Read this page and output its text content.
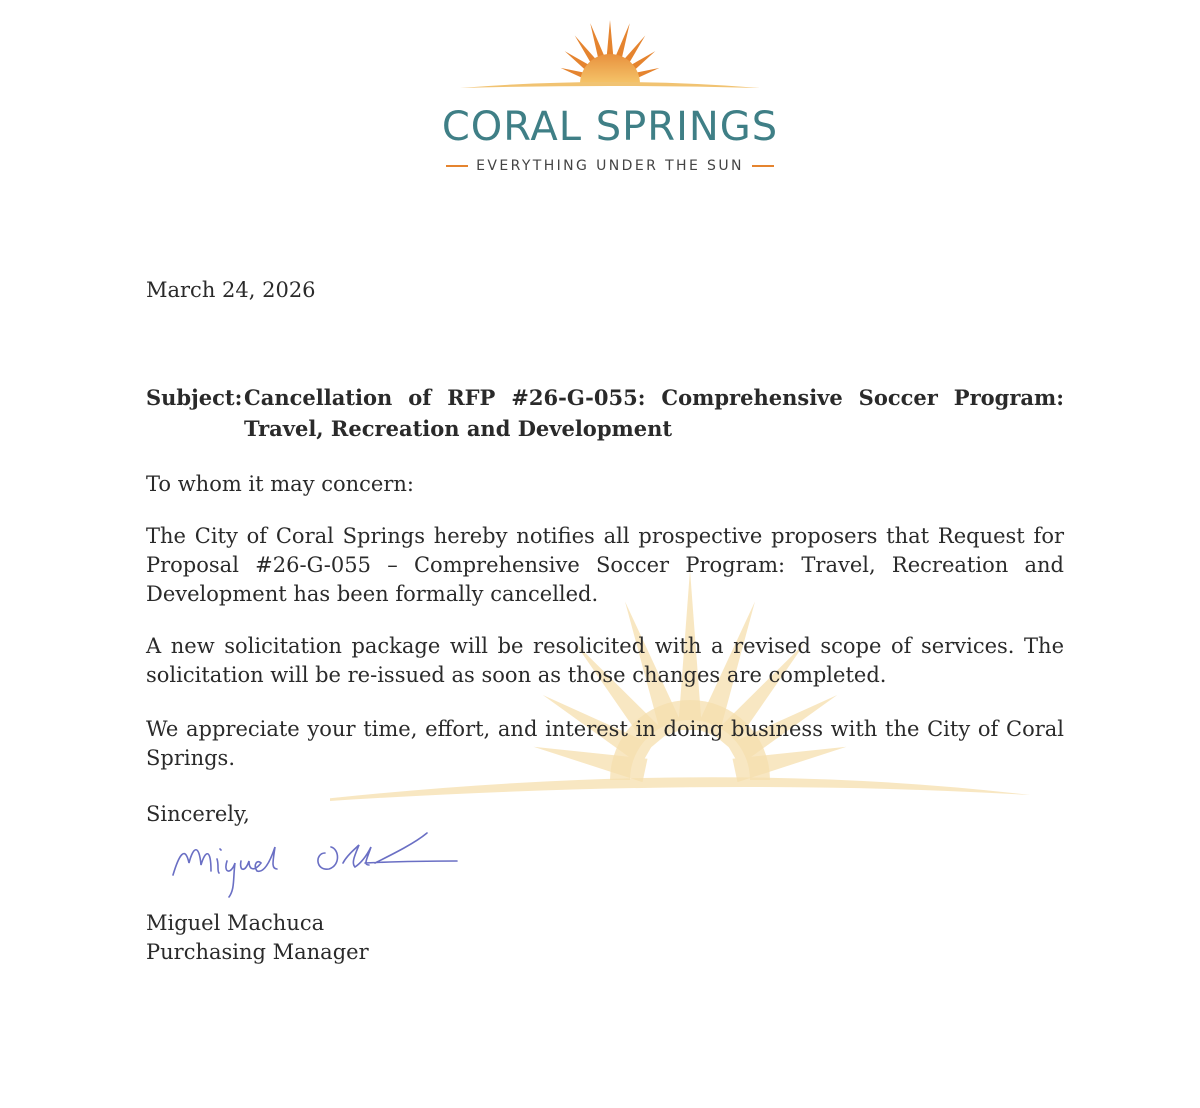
CORAL SPRINGS
EVERYTHING UNDER THE SUN
March 24, 2026
Subject: Cancellation of RFP #26-G-055: Comprehensive Soccer Program: Travel, Recreation and Development
To whom it may concern:
The City of Coral Springs hereby notifies all prospective proposers that Request for Proposal #26-G-055 – Comprehensive Soccer Program: Travel, Recreation and Development has been formally cancelled.
A new solicitation package will be resolicited with a revised scope of services. The solicitation will be re-issued as soon as those changes are completed.
We appreciate your time, effort, and interest in doing business with the City of Coral Springs.
Sincerely,
Miguel Machuca
Purchasing Manager
